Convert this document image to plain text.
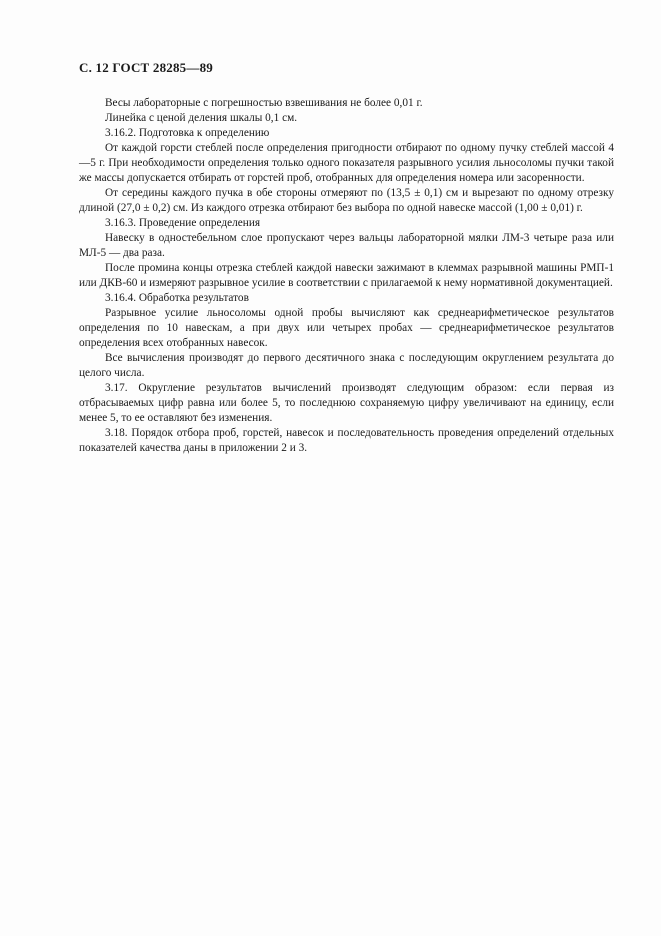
С. 12 ГОСТ 28285—89

Весы лабораторные с погрешностью взвешивания не более 0,01 г.

Линейка с ценой деления шкалы 0,1 см.

3.16.2. Подготовка к определению

От каждой горсти стеблей после определения пригодности отбирают по одному пучку стеблей массой 4—5 г. При необходимости определения только одного показателя разрывного усилия льносоломы пучки такой же массы допускается отбирать от горстей проб, отобранных для определения номера или засоренности.

От середины каждого пучка в обе стороны отмеряют по (13,5 ± 0,1) см и вырезают по одному отрезку длиной (27,0 ± 0,2) см. Из каждого отрезка отбирают без выбора по одной навеске массой (1,00 ± 0,01) г.

3.16.3. Проведение определения

Навеску в одностебельном слое пропускают через вальцы лабораторной мялки ЛМ-3 четыре раза или МЛ-5 — два раза.

После промина концы отрезка стеблей каждой навески зажимают в клеммах разрывной машины РМП-1 или ДКВ-60 и измеряют разрывное усилие в соответствии с прилагаемой к нему нормативной документацией.

3.16.4. Обработка результатов

Разрывное усилие льносоломы одной пробы вычисляют как среднеарифметическое результатов определения по 10 навескам, а при двух или четырех пробах — среднеарифметическое результатов определения всех отобранных навесок.

Все вычисления производят до первого десятичного знака с последующим округлением результата до целого числа.

3.17. Округление результатов вычислений производят следующим образом: если первая из отбрасываемых цифр равна или более 5, то последнюю сохраняемую цифру увеличивают на единицу, если менее 5, то ее оставляют без изменения.

3.18. Порядок отбора проб, горстей, навесок и последовательность проведения определений отдельных показателей качества даны в приложении 2 и 3.
